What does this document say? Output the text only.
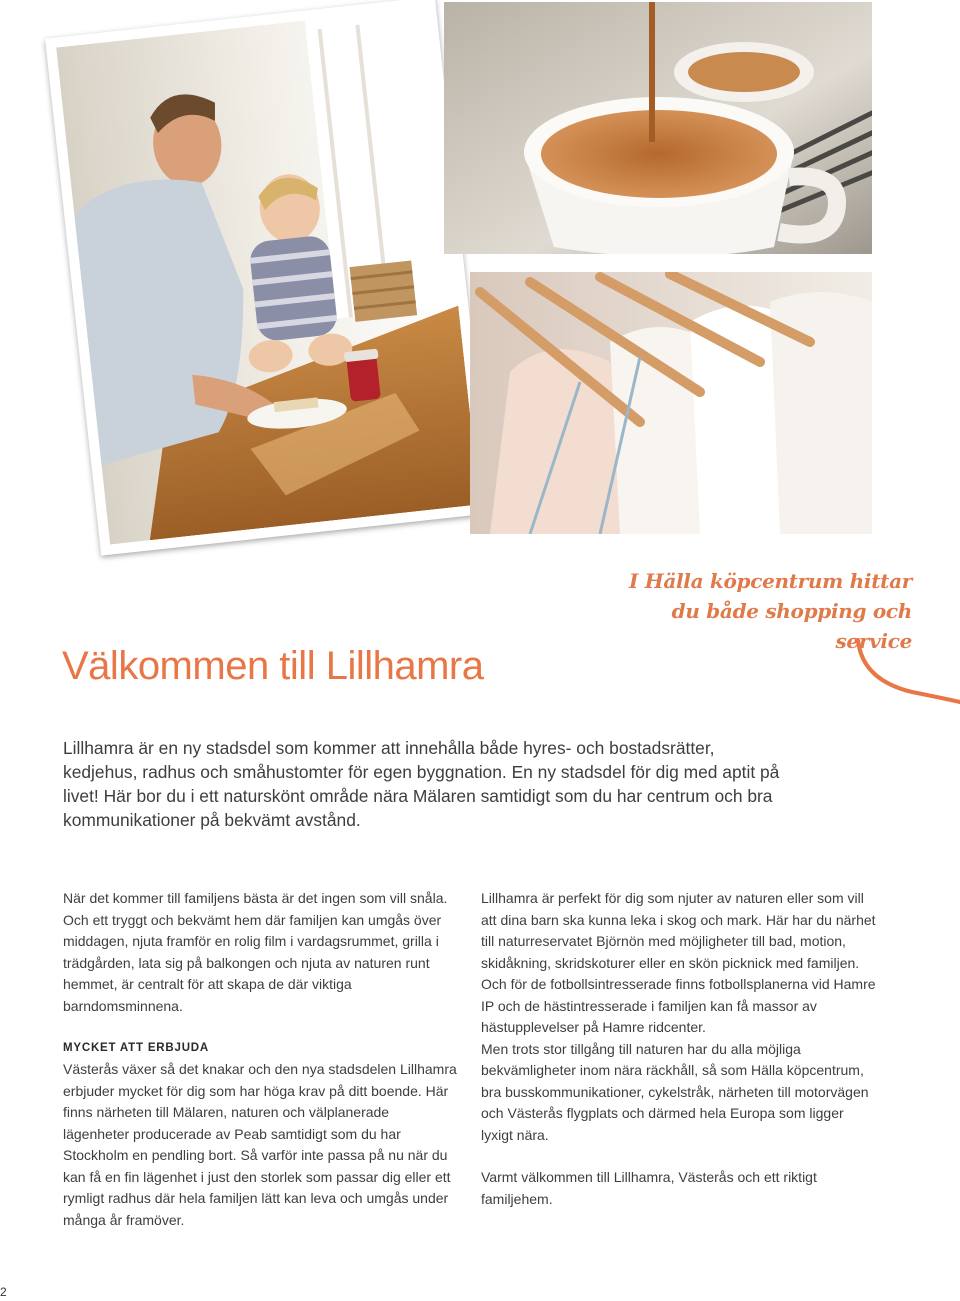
I Hälla köpcentrum hittar
du både shopping och service
Välkommen till Lillhamra

Lillhamra är en ny stadsdel som kommer att innehålla både hyres- och bostadsrätter, kedjehus, radhus och småhustomter för egen byggnation. En ny stadsdel för dig med aptit på livet! Här bor du i ett naturskönt område nära Mälaren samtidigt som du har centrum och bra kommunikationer på bekvämt avstånd.

När det kommer till familjens bästa är det ingen som vill snåla. Och ett tryggt och bekvämt hem där familjen kan umgås över middagen, njuta framför en rolig film i vardagsrummet, grilla i trädgården, lata sig på balkongen och njuta av naturen runt hemmet, är centralt för att skapa de där viktiga barndomsminnena.

MYCKET ATT ERBJUDA

Västerås växer så det knakar och den nya stadsdelen Lillhamra erbjuder mycket för dig som har höga krav på ditt boende. Här finns närheten till Mälaren, naturen och välplanerade lägenheter producerade av Peab samtidigt som du har Stockholm en pendling bort. Så varför inte passa på nu när du kan få en fin lägenhet i just den storlek som passar dig eller ett rymligt radhus där hela familjen lätt kan leva och umgås under många år framöver.

Lillhamra är perfekt för dig som njuter av naturen eller som vill att dina barn ska kunna leka i skog och mark. Här har du närhet till naturreservatet Björnön med möjligheter till bad, motion, skidåkning, skridskoturer eller en skön picknick med familjen. Och för de fotbollsintresserade finns fotbollsplanerna vid Hamre IP och de hästintresserade i familjen kan få massor av hästupplevelser på Hamre ridcenter.

Men trots stor tillgång till naturen har du alla möjliga bekvämligheter inom nära räckhåll, så som Hälla köpcentrum, bra busskommunikationer, cykelstråk, närheten till motorvägen och Västerås flygplats och därmed hela Europa som ligger lyxigt nära.

Varmt välkommen till Lillhamra, Västerås och ett riktigt familjehem.

2
